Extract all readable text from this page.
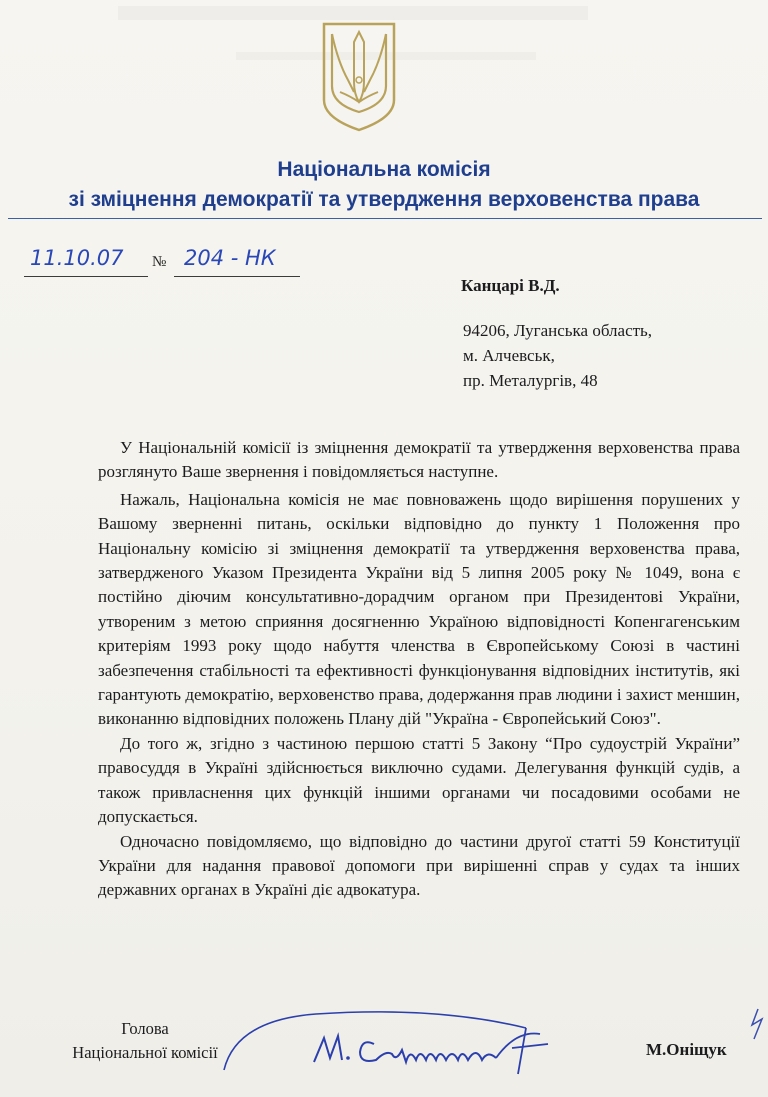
Національна комісія
зі зміцнення демократії та утвердження верховенства права
11.10.07	№ 204 - НК
Канцарі В.Д.
94206, Луганська область,
м. Алчевськ,
пр. Металургів, 48

У Національній комісії із зміцнення демократії та утвердження верховенства права розглянуто Ваше звернення і повідомляється наступне.

Нажаль, Національна комісія не має повноважень щодо вирішення порушених у Вашому зверненні питань, оскільки відповідно до пункту 1 Положення про Національну комісію зі зміцнення демократії та утвердження верховенства права, затвердженого Указом Президента України від 5 липня 2005 року № 1049, вона є постійно діючим консультативно-дорадчим органом при Президентові України, утвореним з метою сприяння досягненню Україною відповідності Копенгагенським критеріям 1993 року щодо набуття членства в Європейському Союзі в частині забезпечення стабільності та ефективності функціонування відповідних інститутів, які гарантують демократію, верховенство права, додержання прав людини і захист меншин, виконанню відповідних положень Плану дій "Україна - Європейський Союз".

До того ж, згідно з частиною першою статті 5 Закону “Про судоустрій України” правосуддя в Україні здійснюється виключно судами. Делегування функцій судів, а також привласнення цих функцій іншими органами чи посадовими особами не допускається.

Одночасно повідомляємо, що відповідно до частини другої статті 59 Конституції України для надання правової допомоги при вирішенні справ у судах та інших державних органах в Україні діє адвокатура.

Голова
Національної комісії	М.Оніщук
